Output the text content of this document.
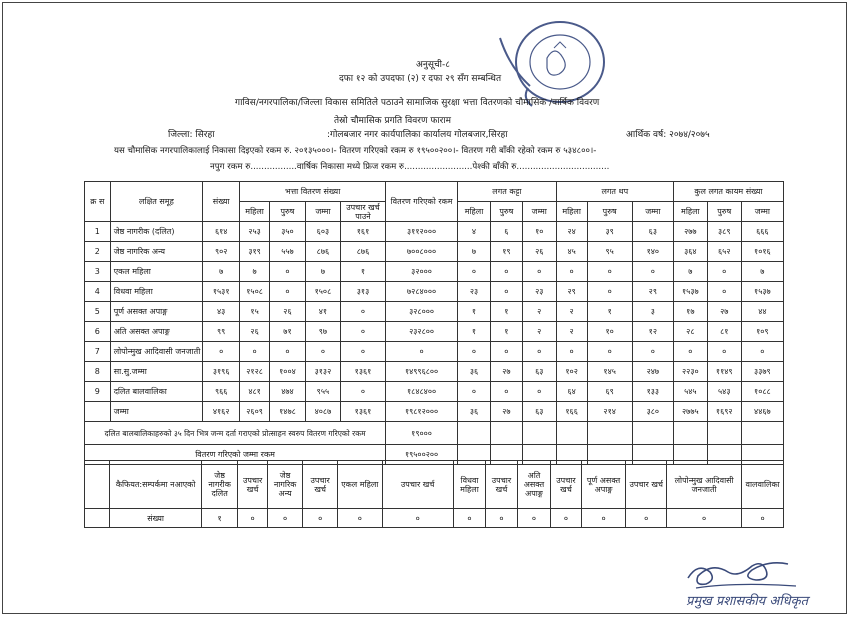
अनुसूची-८
दफा १२ को उपदफा (२) र दफा २९ सँग सम्बन्धित
गाविस/नगरपालिका/जिल्ला विकास समितिले पठाउने सामाजिक सुरक्षा भत्ता वितरणको चौमासिक /वार्षिक विवरण
तेस्रो चौमासिक प्रगति विवरण फाराम
जिल्ला: सिरहा	:गोलबजार नगर कार्यपालिका कार्यालय गोलबजार,सिरहा	आर्थिक वर्ष: २०७४/२०७५
यस चौमासिक नगरपालिकालाई निकासा दिइएको रकम रु. २०१३५०००।- वितरण गरिएको रकम रु १९५००२००।- वितरण गरी बाँकी रहेको रकम रु ५३४८००।-
नपुग रकम रु.................वार्षिक निकासा मध्ये फ्रिज रकम रु.........................पेश्की बाँकी रु..................................
क्र स	लक्षित समूह	संख्या	भत्ता वितरण संख्या				वितरण गरिएको रकम	लगत कट्टा			लगत थप			कुल लगत कायम संख्या		
			महिला	पुरुष	जम्मा	उपचार खर्च पाउने		महिला	पुरुष	जम्मा	महिला	पुरुष	जम्मा	महिला	पुरुष	जम्मा
1	जेष्ठ नागरीक (दलित)	६१४	२५३	३५०	६०३	१६१	३११२०००	४	६	१०	२४	३९	६३	२७७	३८९	६६६
2	जेष्ठ नागरिक अन्य	९०२	३१९	५५७	८७६	८७६	७००८०००	७	१९	२६	४५	९५	१४०	३६४	६५२	१०१६
3	एकल महिला	७	७	०	७	१	३२०००	०	०	०	०	०	०	७	०	७
4	विधवा महिला	१५३१	१५०८	०	१५०८	३१३	७२८४०००	२३	०	२३	२९	०	२९	१५३७	०	१५३७
5	पूर्ण असक्त अपाङ्ग	४३	१५	२६	४१	०	३२८०००	१	१	२	२	१	३	१७	२७	४४
6	अति असक्त अपाङ्ग	९९	२६	७१	९७	०	२३२८००	१	१	२	२	१०	१२	२८	८१	१०९
7	लोपोन्मुख आदिवासी जनजाती	०	०	०	०	०	०	०	०	०	०	०	०	०	०	०
8	सा.सु.जम्मा	३१९६	२१२८	१००४	३१३२	१३६१	१४९९६८००	३६	२७	६३	१०२	१४५	२४७	२२३०	११४९	३३७९
9	दलित बालवालिका	९६६	४८१	४७४	९५५	०	१८४८४००	०	०	०	६४	६९	१३३	५४५	५४३	१०८८
	जम्मा	४१६२	२६०९	१४७८	४०८७	१३६१	१९८१२०००	३६	२७	६३	१६६	२१४	३८०	२७७५	१६९२	४४६७
दलित बालबालिकाहरुको ३५ दिन भित्र जन्म दर्ता गराएको प्रोत्साहन स्वरुप वितरण गरिएको रकम							१९०००									
वितरण गरिएको जम्मा रकम							१९५००२००									
	कैफियत:सम्पर्कमा नआएको	जेष्ठ नागरीक दलित	उपचार खर्च	जेष्ठ नागरिक अन्य	उपचार खर्च	एकल महिला	उपचार खर्च	विधवा महिला	उपचार खर्च	अति असक्त अपाङ्ग	उपचार खर्च	पूर्ण असक्त अपाङ्ग	उपचार खर्च	लोपोन्मुख आदिवासी जनजाती	वालवालिका
	संख्या	१	०	०	०	०	०	०	०	०	०	०	०	०	०
प्रमुख प्रशासकीय अधिकृत
